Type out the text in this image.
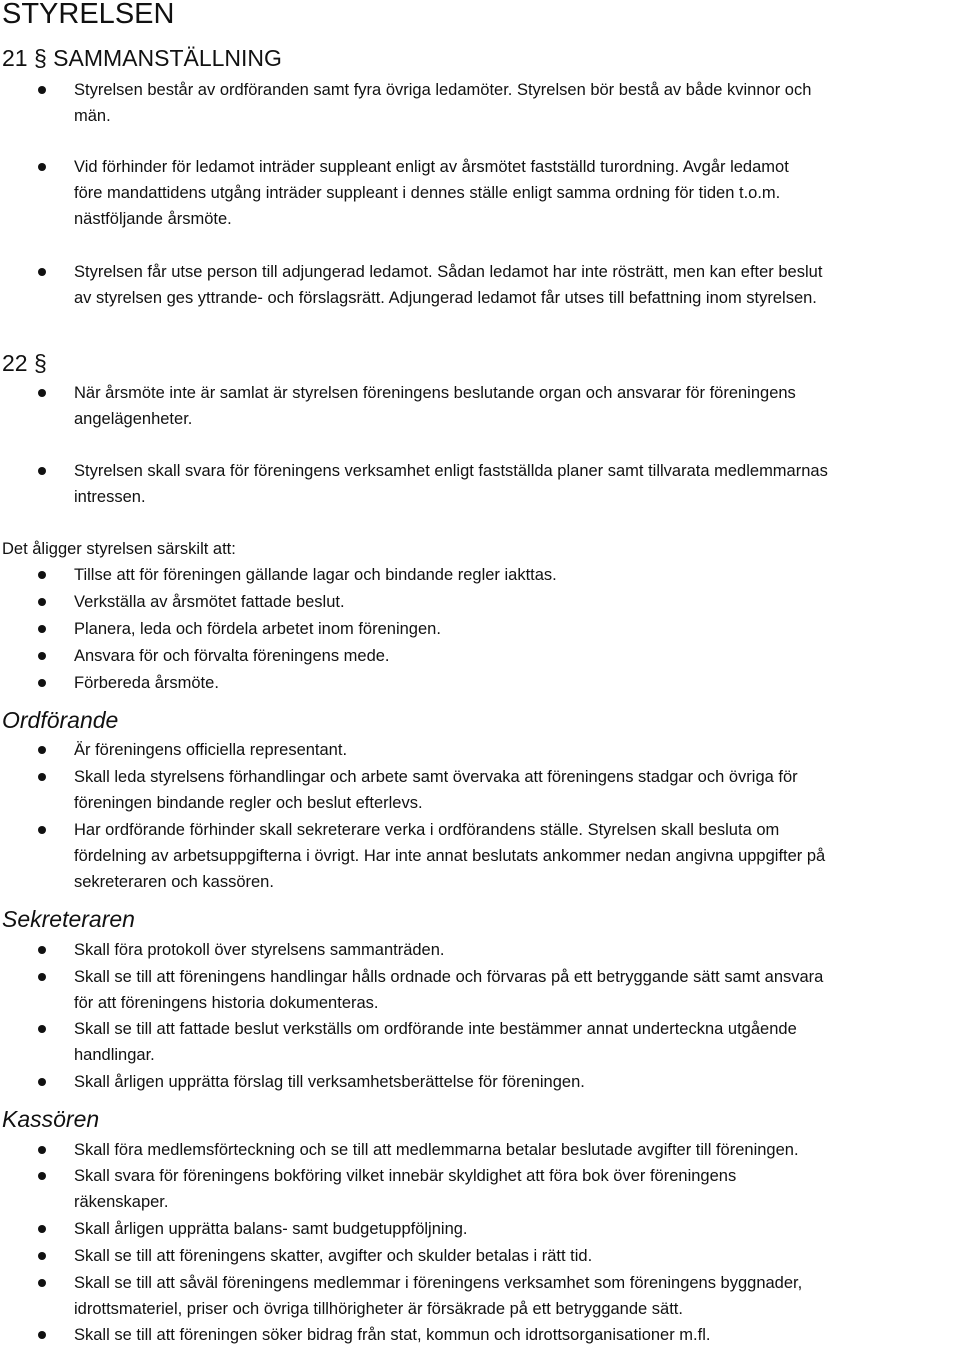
STYRELSEN
21 § SAMMANSTÄLLNING
Styrelsen består av ordföranden samt fyra övriga ledamöter. Styrelsen bör bestå av både kvinnor och
män.
Vid förhinder för ledamot inträder suppleant enligt av årsmötet fastställd turordning. Avgår ledamot
före mandattidens utgång inträder suppleant i dennes ställe enligt samma ordning för tiden t.o.m.
nästföljande årsmöte.
Styrelsen får utse person till adjungerad ledamot. Sådan ledamot har inte rösträtt, men kan efter beslut
av styrelsen ges yttrande- och förslagsrätt. Adjungerad ledamot får utses till befattning inom styrelsen.
22 §
När årsmöte inte är samlat är styrelsen föreningens beslutande organ och ansvarar för föreningens
angelägenheter.
Styrelsen skall svara för föreningens verksamhet enligt fastställda planer samt tillvarata medlemmarnas
intressen.
Det åligger styrelsen särskilt att:
Tillse att för föreningen gällande lagar och bindande regler iakttas.
Verkställa av årsmötet fattade beslut.
Planera, leda och fördela arbetet inom föreningen.
Ansvara för och förvalta föreningens mede.
Förbereda årsmöte.
Ordförande
Är föreningens officiella representant.
Skall leda styrelsens förhandlingar och arbete samt övervaka att föreningens stadgar och övriga för
föreningen bindande regler och beslut efterlevs.
Har ordförande förhinder skall sekreterare verka i ordförandens ställe. Styrelsen skall besluta om
fördelning av arbetsuppgifterna i övrigt. Har inte annat beslutats ankommer nedan angivna uppgifter på
sekreteraren och kassören.
Sekreteraren
Skall föra protokoll över styrelsens sammanträden.
Skall se till att föreningens handlingar hålls ordnade och förvaras på ett betryggande sätt samt ansvara
för att föreningens historia dokumenteras.
Skall se till att fattade beslut verkställs om ordförande inte bestämmer annat underteckna utgående
handlingar.
Skall årligen upprätta förslag till verksamhetsberättelse för föreningen.
Kassören
Skall föra medlemsförteckning och se till att medlemmarna betalar beslutade avgifter till föreningen.
Skall svara för föreningens bokföring vilket innebär skyldighet att föra bok över föreningens
räkenskaper.
Skall årligen upprätta balans- samt budgetuppföljning.
Skall se till att föreningens skatter, avgifter och skulder betalas i rätt tid.
Skall se till att såväl föreningens medlemmar i föreningens verksamhet som föreningens byggnader,
idrottsmateriel, priser och övriga tillhörigheter är försäkrade på ett betryggande sätt.
Skall se till att föreningen söker bidrag från stat, kommun och idrottsorganisationer m.fl.
